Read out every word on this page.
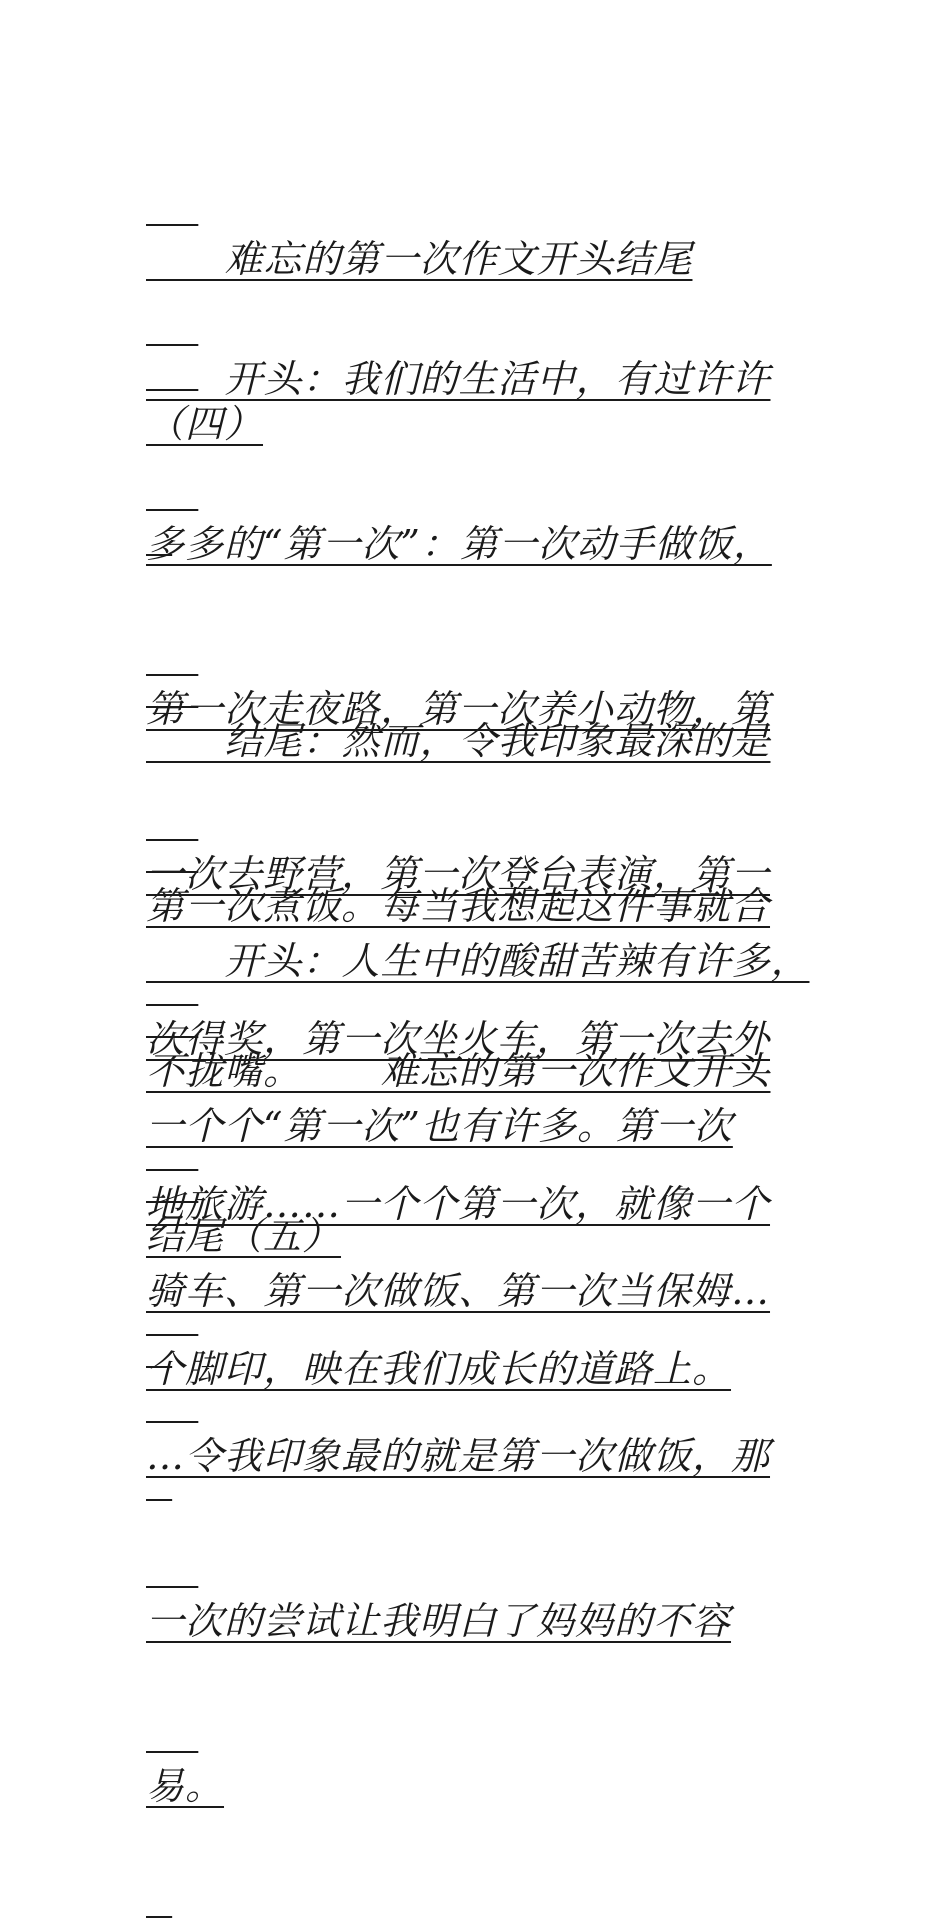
难忘的第一次作文开头结尾

（四）

开头：我们的生活中，有过许许

多多的“第一次”：第一次动手做饭，

第一次走夜路，第一次养小动物，第

一次去野营，第一次登台表演，第一

次得奖，第一次坐火车，第一次去外

地旅游……一个个第一次，就像一个

个脚印，映在我们成长的道路上。

结尾：然而，令我印象最深的是

第一次煮饭。每当我想起这件事就合

不拢嘴。      难忘的第一次作文开头

结尾（五）

开头：人生中的酸甜苦辣有许多，

一个个“第一次”也有许多。第一次

骑车、第一次做饭、第一次当保姆…

…令我印象最的就是第一次做饭，那

一次的尝试让我明白了妈妈的不容

易。
